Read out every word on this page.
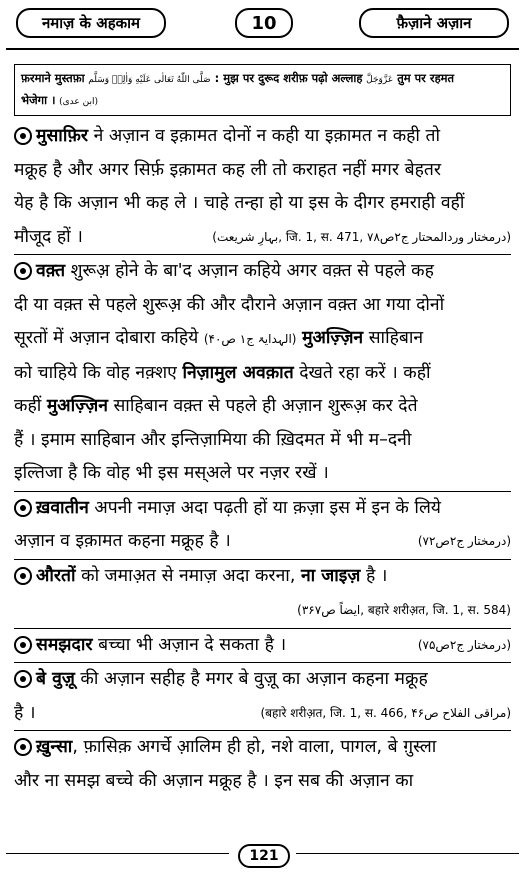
नमाज़ के अहकाम	10	फ़ैज़ाने अज़ान
फ़रमाने मुस्तफ़ा صَلَّى اللّٰهُ تَعَالٰى عَلَيْهِ وَاٰلِهٖ وَسَلَّم : मुझ पर दुरूद शरीफ़ पढ़ो अल्लाह عَزَّوَجَلَّ तुम पर रहमत
भेजेगा । (ابن عدی)
मुसाफ़िर ने अज़ान व इक़ामत दोनों न कही या इक़ामत न कही तो
मक्रूह है और अगर सिर्फ़ इक़ामत कह ली तो कराहत नहीं मगर बेहतर
येह है कि अज़ान भी कह ले । चाहे तन्हा हो या इस के दीगर हमराही वहीं
मौजूद हों ।	(بہارِ شریعت, जि. 1, स. 471, درمختار وردالمحتار ج۲ص۷۸)
वक़्त शुरूअ़ होने के बा'द अज़ान कहिये अगर वक़्त से पहले कह
दी या वक़्त से पहले शुरूअ़ की और दौराने अज़ान वक़्त आ गया दोनों
सूरतों में अज़ान दोबारा कहिये (الہدایۃ ج۱ ص۴۰) मुअज़्ज़िन साहिबान
को चाहिये कि वोह नक़्शए निज़ामुल अवक़ात देखते रहा करें । कहीं
कहीं मुअज़्ज़िन साहिबान वक़्त से पहले ही अज़ान शुरूअ़ कर देते
हैं । इमाम साहिबान और इन्तिज़ामिया की ख़िदमत में भी म–दनी
इल्तिजा है कि वोह भी इस मस्अले पर नज़र रखें ।
ख़वातीन अपनी नमाज़ अदा पढ़ती हों या क़ज़ा इस में इन के लिये
अज़ान व इक़ामत कहना मक्रूह है ।	(درمختار ج۲ص۷۲)
औरतों को जमाअ़त से नमाज़ अदा करना, ना जाइज़ है ।
(ایضاً ص۳۶۷, बहारे शरीअ़त, जि. 1, स. 584)
समझदार बच्चा भी अज़ान दे सकता है ।	(درمختار ج۲ص۷۵)
बे वुज़ू की अज़ान सहीह है मगर बे वुज़ू का अज़ान कहना मक्रूह
है ।	(बहारे शरीअ़त, जि. 1, स. 466, مراقی الفلاح ص۴۶)
ख़ुन्सा, फ़ासिक़ अगर्चे आ़लिम ही हो, नशे वाला, पागल, बे ग़ुस्ला
और ना समझ बच्चे की अज़ान मक्रूह है । इन सब की अज़ान का
121
